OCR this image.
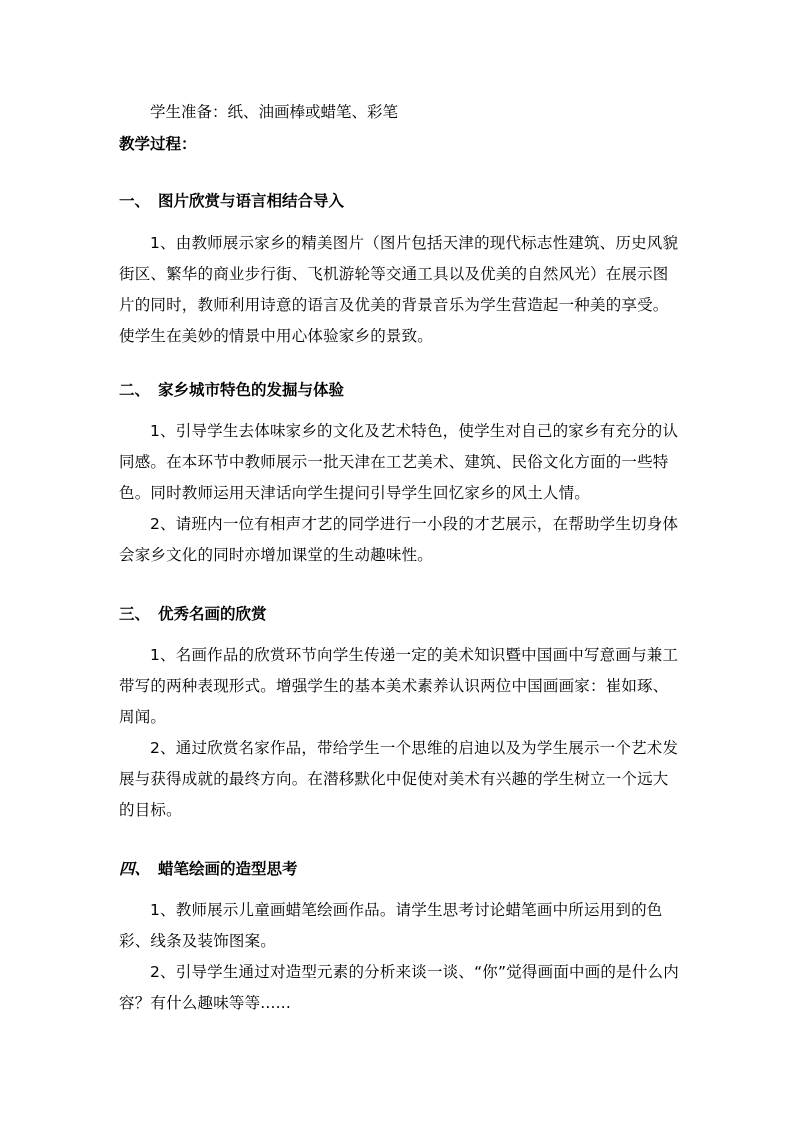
学生准备：纸、油画棒或蜡笔、彩笔
教学过程：
一、 图片欣赏与语言相结合导入
1、由教师展示家乡的精美图片（图片包括天津的现代标志性建筑、历史风貌街区、繁华的商业步行街、飞机游轮等交通工具以及优美的自然风光）在展示图片的同时，教师利用诗意的语言及优美的背景音乐为学生营造起一种美的享受。使学生在美妙的情景中用心体验家乡的景致。
二、 家乡城市特色的发掘与体验
1、引导学生去体味家乡的文化及艺术特色，使学生对自己的家乡有充分的认同感。在本环节中教师展示一批天津在工艺美术、建筑、民俗文化方面的一些特色。同时教师运用天津话向学生提问引导学生回忆家乡的风土人情。
2、请班内一位有相声才艺的同学进行一小段的才艺展示，在帮助学生切身体会家乡文化的同时亦增加课堂的生动趣味性。
三、 优秀名画的欣赏
1、名画作品的欣赏环节向学生传递一定的美术知识暨中国画中写意画与兼工带写的两种表现形式。增强学生的基本美术素养认识两位中国画画家：崔如琢、周闻。
2、通过欣赏名家作品，带给学生一个思维的启迪以及为学生展示一个艺术发展与获得成就的最终方向。在潜移默化中促使对美术有兴趣的学生树立一个远大的目标。
四、 蜡笔绘画的造型思考
1、教师展示儿童画蜡笔绘画作品。请学生思考讨论蜡笔画中所运用到的色彩、线条及装饰图案。
2、引导学生通过对造型元素的分析来谈一谈、“你”觉得画面中画的是什么内容？有什么趣味等等......
